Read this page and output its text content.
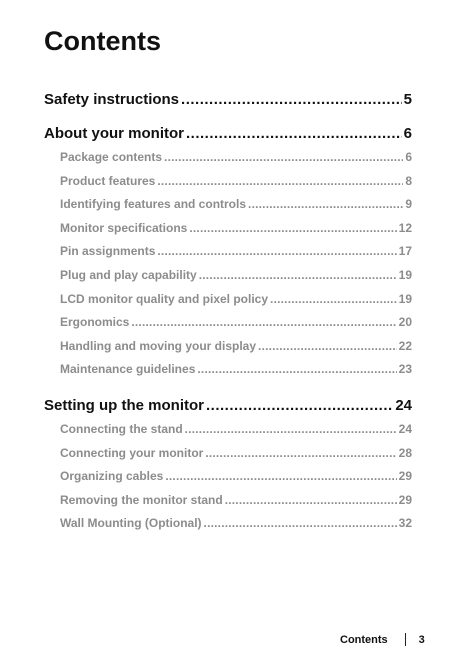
Contents
Safety instructions .....	5
About your monitor .....	6
Package contents .....	6
Product features .....	8
Identifying features and controls .....	9
Monitor specifications .....	12
Pin assignments .....	17
Plug and play capability .....	19
LCD monitor quality and pixel policy .....	19
Ergonomics .....	20
Handling and moving your display .....	22
Maintenance guidelines .....	23
Setting up the monitor .....	24
Connecting the stand .....	24
Connecting your monitor .....	28
Organizing cables .....	29
Removing the monitor stand .....	29
Wall Mounting (Optional) .....	32
Contents	3
